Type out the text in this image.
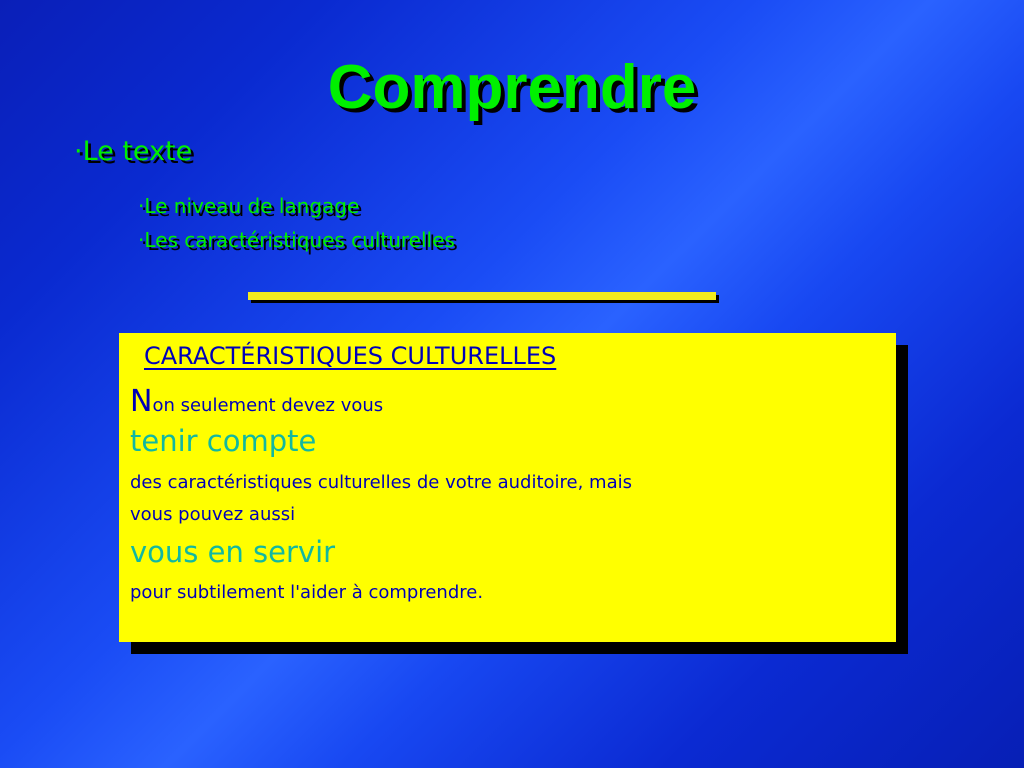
Comprendre
·Le texte
·Le niveau de langage
·Les caractéristiques culturelles
CARACTÉRISTIQUES CULTURELLES
Non seulement devez vous
tenir compte
des caractéristiques culturelles de votre auditoire, mais
vous pouvez aussi
vous en servir
pour subtilement l'aider à comprendre.
